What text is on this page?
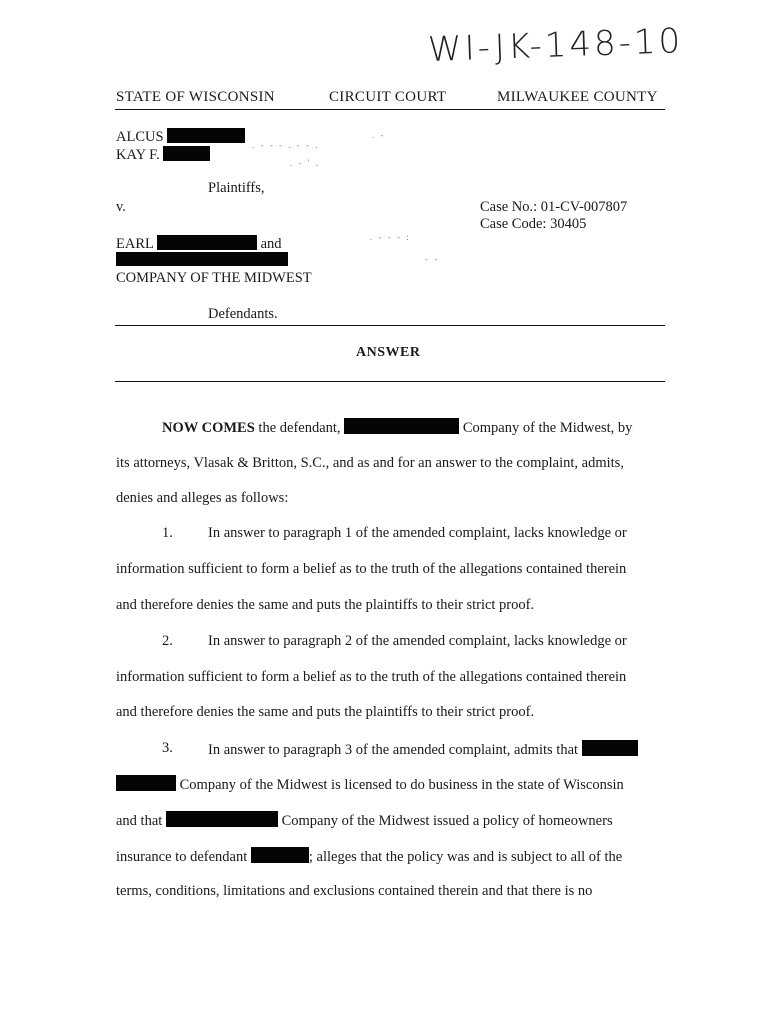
WI-JK-148-10
STATE OF WISCONSIN	CIRCUIT COURT	MILWAUKEE COUNTY
ALCUS
KAY F.
Plaintiffs,
v.
EARL	and
COMPANY OF THE MIDWEST
Defendants.
Case No.: 01-CV-007807
Case Code: 30405
. - - - . - - .
. -
. - ' .
. - - - :
- -
ANSWER
NOW COMES the defendant,	Company of the Midwest, by
its attorneys, Vlasak & Britton, S.C., and as and for an answer to the complaint, admits,
denies and alleges as follows:
1. In answer to paragraph 1 of the amended complaint, lacks knowledge or
information sufficient to form a belief as to the truth of the allegations contained therein
and therefore denies the same and puts the plaintiffs to their strict proof.
2. In answer to paragraph 2 of the amended complaint, lacks knowledge or
information sufficient to form a belief as to the truth of the allegations contained therein
and therefore denies the same and puts the plaintiffs to their strict proof.
3. In answer to paragraph 3 of the amended complaint, admits that
Company of the Midwest is licensed to do business in the state of Wisconsin
and that	Company of the Midwest issued a policy of homeowners
insurance to defendant	; alleges that the policy was and is subject to all of the
terms, conditions, limitations and exclusions contained therein and that there is no
